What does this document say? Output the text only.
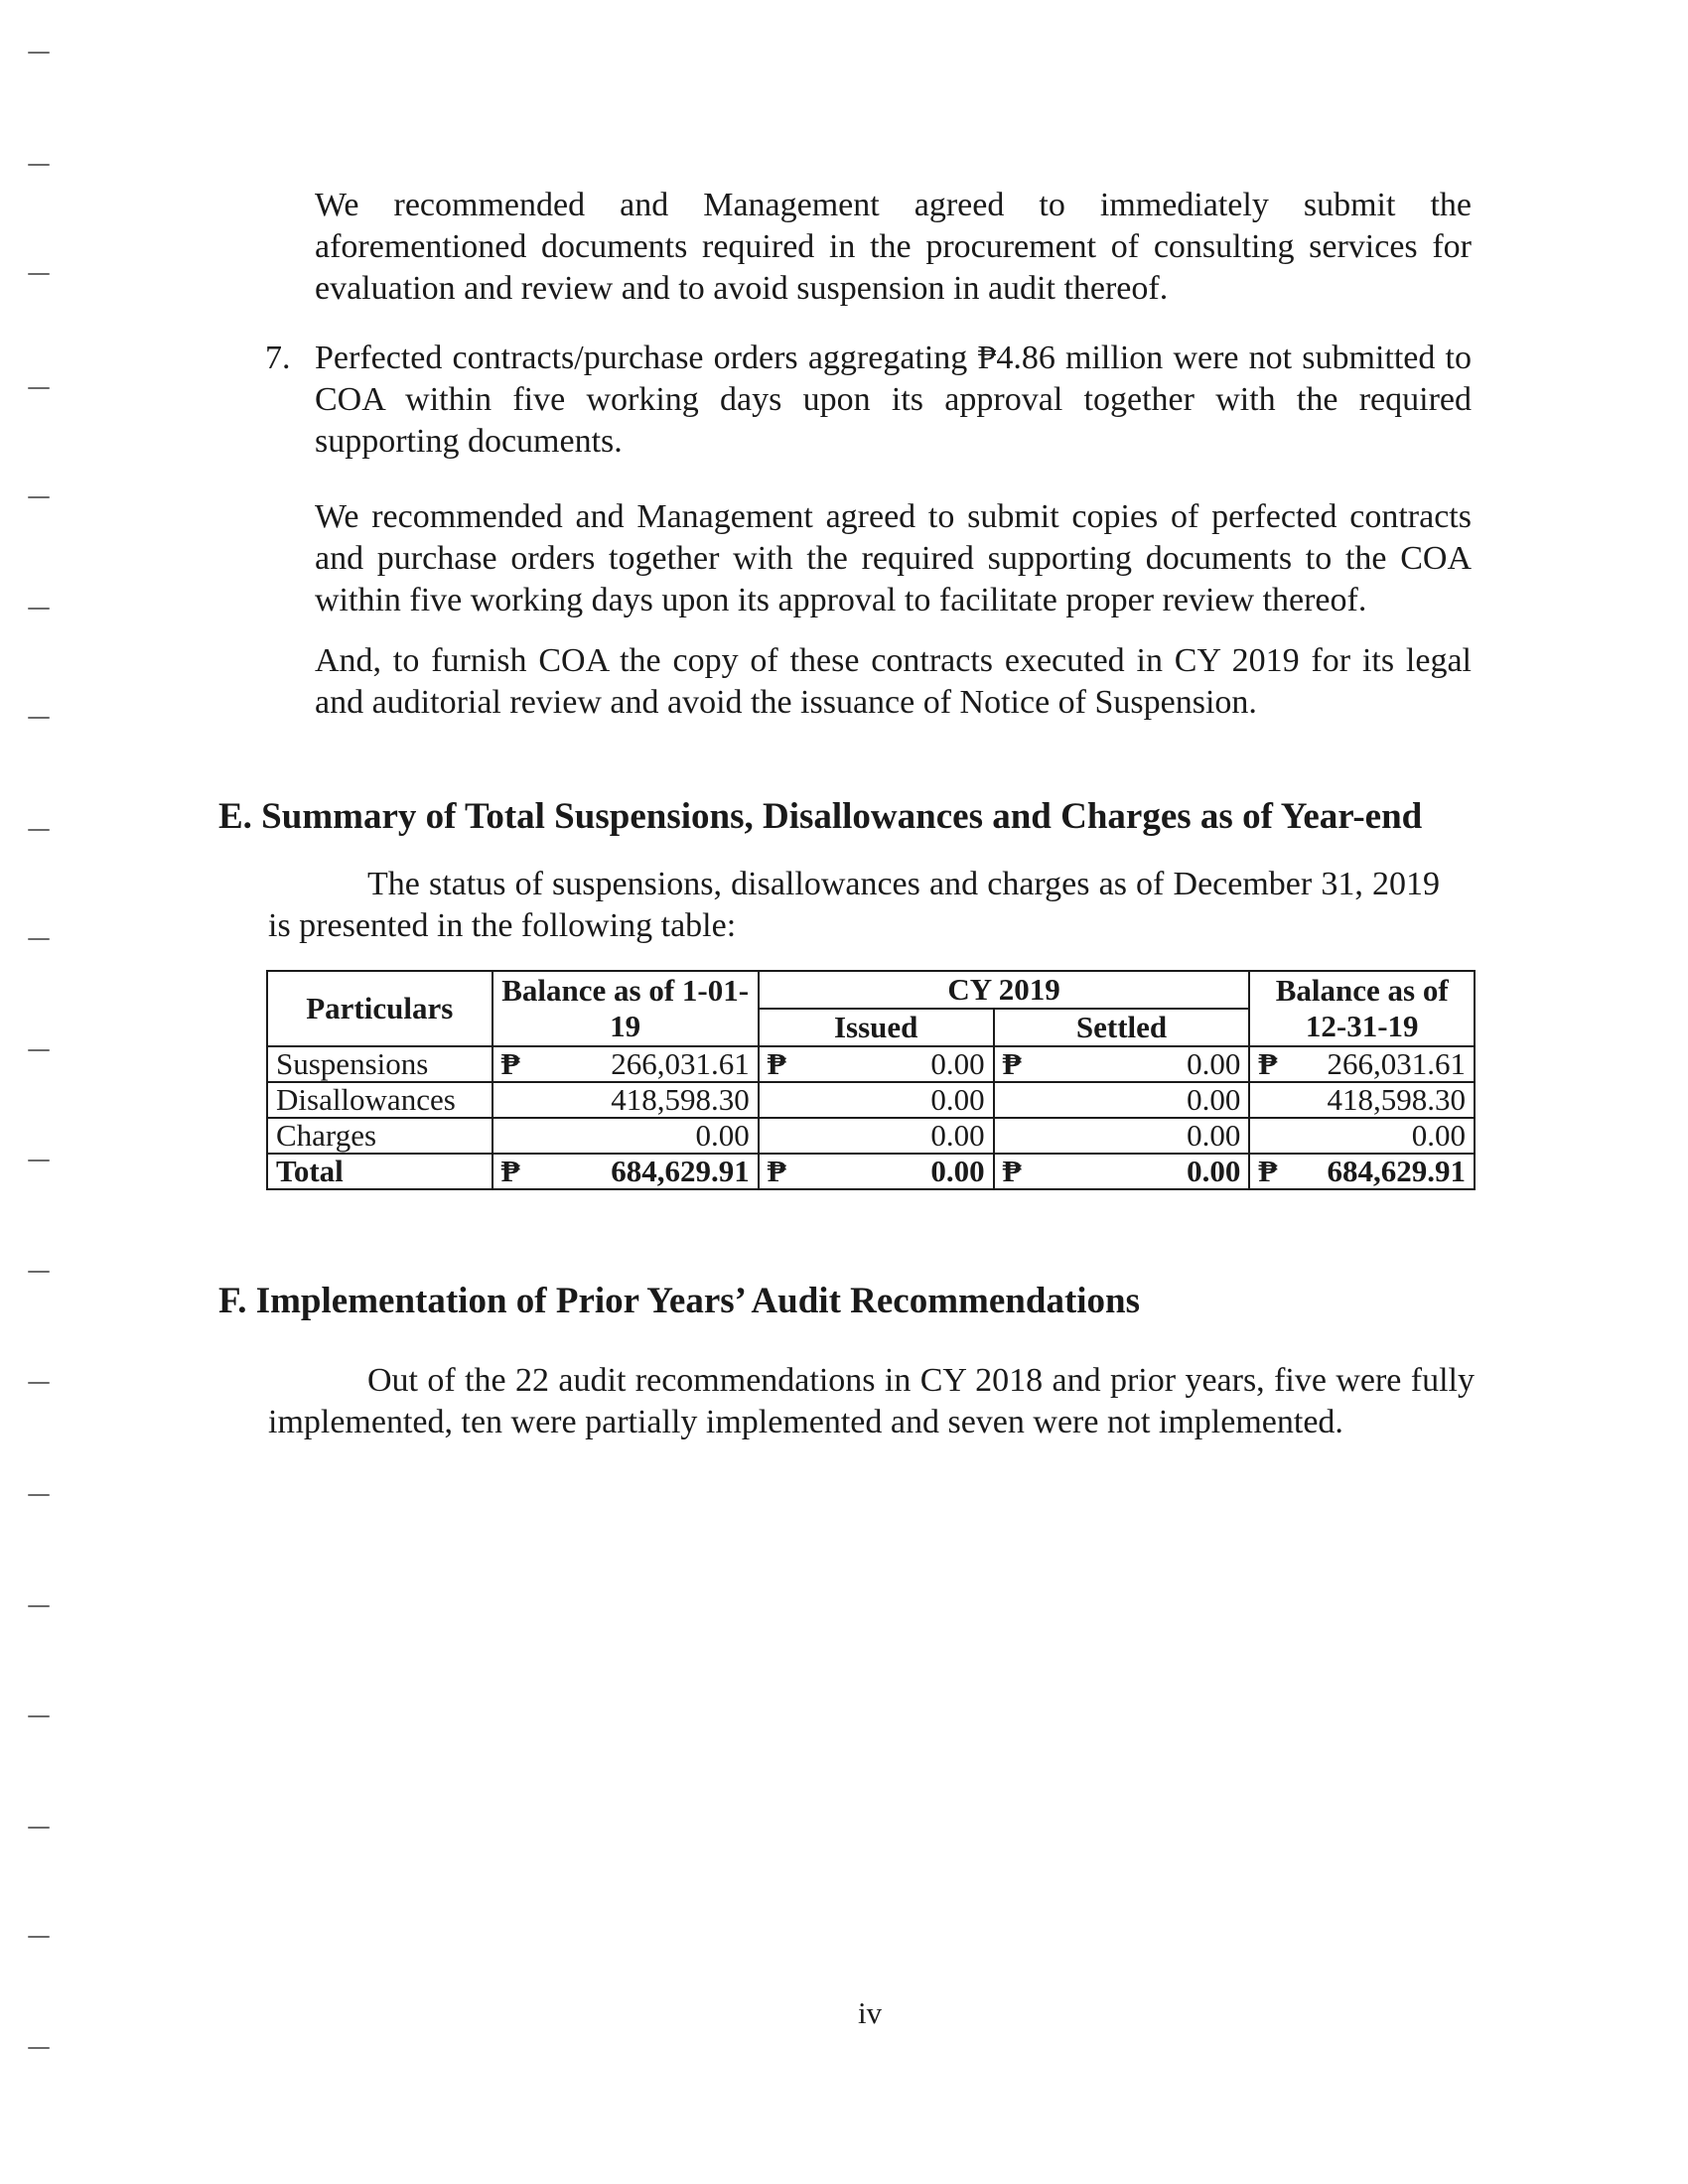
We recommended and Management agreed to immediately submit the aforementioned documents required in the procurement of consulting services for evaluation and review and to avoid suspension in audit thereof.

7. Perfected contracts/purchase orders aggregating ₱4.86 million were not submitted to COA within five working days upon its approval together with the required supporting documents.

We recommended and Management agreed to submit copies of perfected contracts and purchase orders together with the required supporting documents to the COA within five working days upon its approval to facilitate proper review thereof.

And, to furnish COA the copy of these contracts executed in CY 2019 for its legal and auditorial review and avoid the issuance of Notice of Suspension.

E. Summary of Total Suspensions, Disallowances and Charges as of Year-end

The status of suspensions, disallowances and charges as of December 31, 2019 is presented in the following table:

Particulars	Balance as of 1-01-19	CY 2019		Balance as of 12-31-19
		Issued	Settled	
Suspensions	₱ 266,031.61	₱ 0.00	₱ 0.00	₱ 266,031.61
Disallowances	418,598.30	0.00	0.00	418,598.30
Charges	0.00	0.00	0.00	0.00
Total	₱ 684,629.91	₱ 0.00	₱ 0.00	₱ 684,629.91
F. Implementation of Prior Years’ Audit Recommendations

Out of the 22 audit recommendations in CY 2018 and prior years, five were fully implemented, ten were partially implemented and seven were not implemented.

iv
